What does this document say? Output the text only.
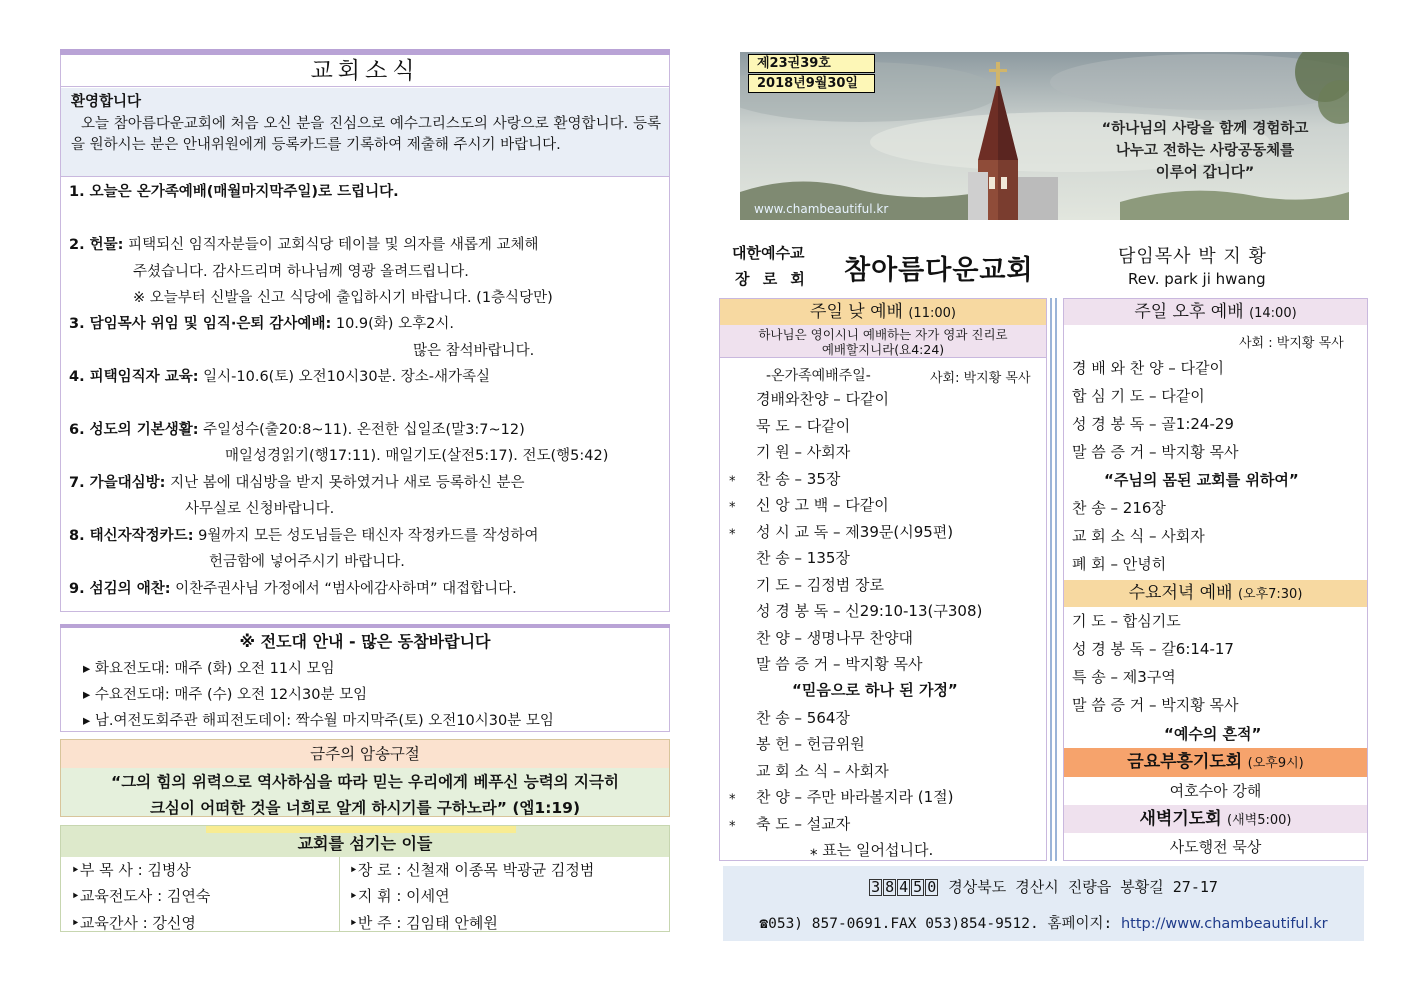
교회소식
환영합니다
오늘 참아름다운교회에 처음 오신 분을 진심으로 예수그리스도의 사랑으로 환영합니다. 등록을 원하시는 분은 안내위원에게 등록카드를 기록하여 제출해 주시기 바랍니다.
1. 오늘은 온가족예배(매월마지막주일)로 드립니다.
2. 헌물: 피택되신 임직자분들이 교회식당 테이블 및 의자를 새롭게 교체해
주셨습니다. 감사드리며 하나님께 영광 올려드립니다.
※ 오늘부터 신발을 신고 식당에 출입하시기 바랍니다. (1층식당만)
3. 담임목사 위임 및 임직·은퇴 감사예배: 10.9(화) 오후2시.
많은 참석바랍니다.
4. 피택임직자 교육: 일시-10.6(토) 오전10시30분. 장소-새가족실
6. 성도의 기본생활: 주일성수(출20:8~11). 온전한 십일조(말3:7~12)
매일성경읽기(행17:11). 매일기도(살전5:17). 전도(행5:42)
7. 가을대심방: 지난 봄에 대심방을 받지 못하였거나 새로 등록하신 분은
사무실로 신청바랍니다.
8. 태신자작정카드: 9월까지 모든 성도님들은 태신자 작정카드를 작성하여
헌금함에 넣어주시기 바랍니다.
9. 섬김의 애찬: 이찬주권사님 가정에서 “범사에감사하며” 대접합니다.
※ 전도대 안내 - 많은 동참바랍니다
▸ 화요전도대: 매주 (화) 오전 11시 모임
▸ 수요전도대: 매주 (수) 오전 12시30분 모임
▸ 남.여전도회주관 해피전도데이: 짝수월 마지막주(토) 오전10시30분 모임
금주의 암송구절
“그의 힘의 위력으로 역사하심을 따라 믿는 우리에게 베푸신 능력의 지극히
크심이 어떠한 것을 너희로 알게 하시기를 구하노라” (엡1:19)
교회를 섬기는 이들
‣부 목 사 : 김병상
‣교육전도사 : 김연숙
‣교육간사 : 강신영
‣장 로 : 신철재 이종목 박광균 김정범
‣지 휘 : 이세연
‣반 주 : 김임태 안혜원
제23권39호
2018년9월30일
“하나님의 사랑을 함께 경험하고
나누고 전하는 사랑공동체를
이루어 갑니다”
www.chambeautiful.kr
대한예수교
장 로 회 참아름다운교회	담임목사 박 지 황
Rev. park ji hwang
주일 낮 예배 (11:00)
하나님은 영이시니 예배하는 자가 영과 진리로
예배할지니라(요4:24)
-온가족예배주일-	사회: 박지황 목사
경배와찬양 – 다같이
묵 도 – 다같이
기 원 – 사회자
⁎ 찬 송 – 35장
⁎ 신 앙 고 백 – 다같이
⁎ 성 시 교 독 – 제39문(시95편)
찬 송 – 135장
기 도 – 김정범 장로
성 경 봉 독 – 신29:10-13(구308)
찬 양 – 생명나무 찬양대
말 씀 증 거 – 박지황 목사
“믿음으로 하나 된 가정”
찬 송 – 564장
봉 헌 – 헌금위원
교 회 소 식 – 사회자
⁎ 찬 양 – 주만 바라볼지라 (1절)
⁎ 축 도 – 설교자
⁎ 표는 일어섭니다.
주일 오후 예배 (14:00)
사회 : 박지황 목사
경 배 와 찬 양 – 다같이
합 심 기 도 – 다같이
성 경 봉 독 – 골1:24-29
말 씀 증 거 – 박지황 목사
“주님의 몸된 교회를 위하여”
찬 송 – 216장
교 회 소 식 – 사회자
폐 회 – 안녕히
수요저녁 예배 (오후7:30)
기 도 – 합심기도
성 경 봉 독 – 갈6:14-17
특 송 – 제3구역
말 씀 증 거 – 박지황 목사
“예수의 흔적”
금요부흥기도회 (오후9시)
여호수아 강해
새벽기도회 (새벽5:00)
사도행전 묵상
3 8 4 5 0 경상북도 경산시 진량읍 봉황길 27-17
☎053) 857-0691.FAX 053)854-9512. 홈페이지: http://www.chambeautiful.kr
